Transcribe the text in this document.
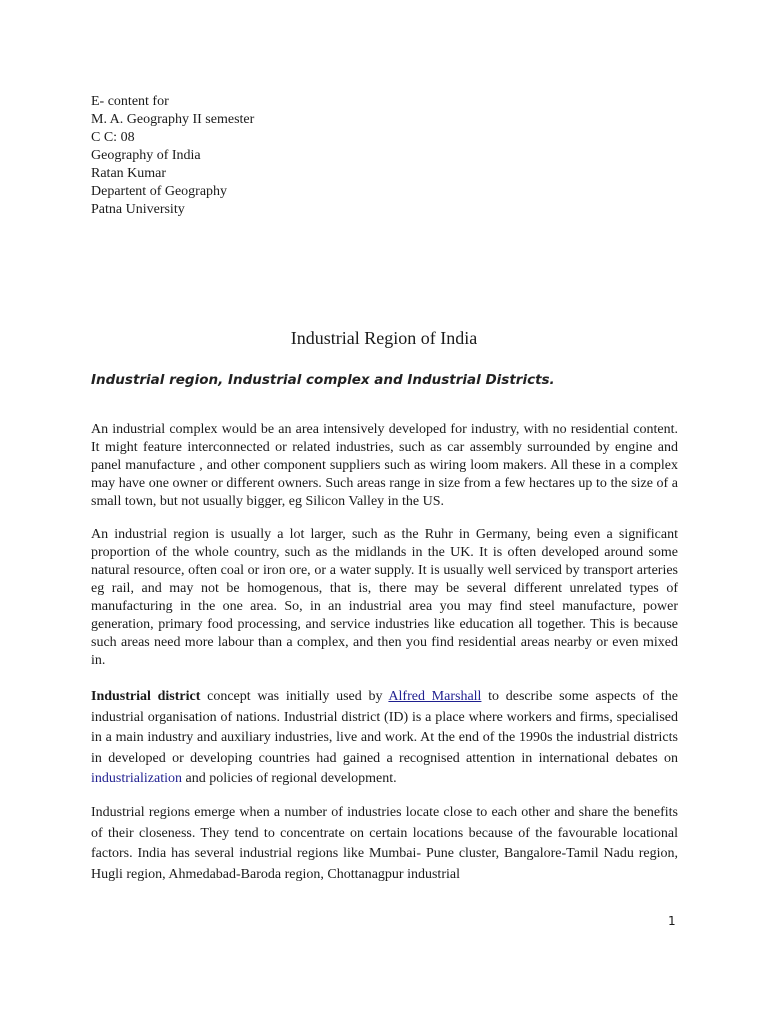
E- content for
M. A. Geography II semester
C C: 08
Geography of India
Ratan Kumar
Departent of Geography
Patna University
Industrial Region of India
Industrial region, Industrial complex and Industrial Districts.

An industrial complex would be an area intensively developed for industry, with no residential content. It might feature interconnected or related industries, such as car assembly surrounded by engine and panel manufacture , and other component suppliers such as wiring loom makers. All these in a complex may have one owner or different owners. Such areas range in size from a few hectares up to the size of a small town, but not usually bigger, eg Silicon Valley in the US.

An industrial region is usually a lot larger, such as the Ruhr in Germany, being even a significant proportion of the whole country, such as the midlands in the UK. It is often developed around some natural resource, often coal or iron ore, or a water supply. It is usually well serviced by transport arteries eg rail, and may not be homogenous, that is, there may be several different unrelated types of manufacturing in the one area. So, in an industrial area you may find steel manufacture, power generation, primary food processing, and service industries like education all together. This is because such areas need more labour than a complex, and then you find residential areas nearby or even mixed in.

Industrial district concept was initially used by Alfred Marshall to describe some aspects of the industrial organisation of nations. Industrial district (ID) is a place where workers and firms, specialised in a main industry and auxiliary industries, live and work. At the end of the 1990s the industrial districts in developed or developing countries had gained a recognised attention in international debates on industrialization and policies of regional development.

Industrial regions emerge when a number of industries locate close to each other and share the benefits of their closeness. They tend to concentrate on certain locations because of the favourable locational factors. India has several industrial regions like Mumbai- Pune cluster, Bangalore-Tamil Nadu region, Hugli region, Ahmedabad-Baroda region, Chottanagpur industrial

1
